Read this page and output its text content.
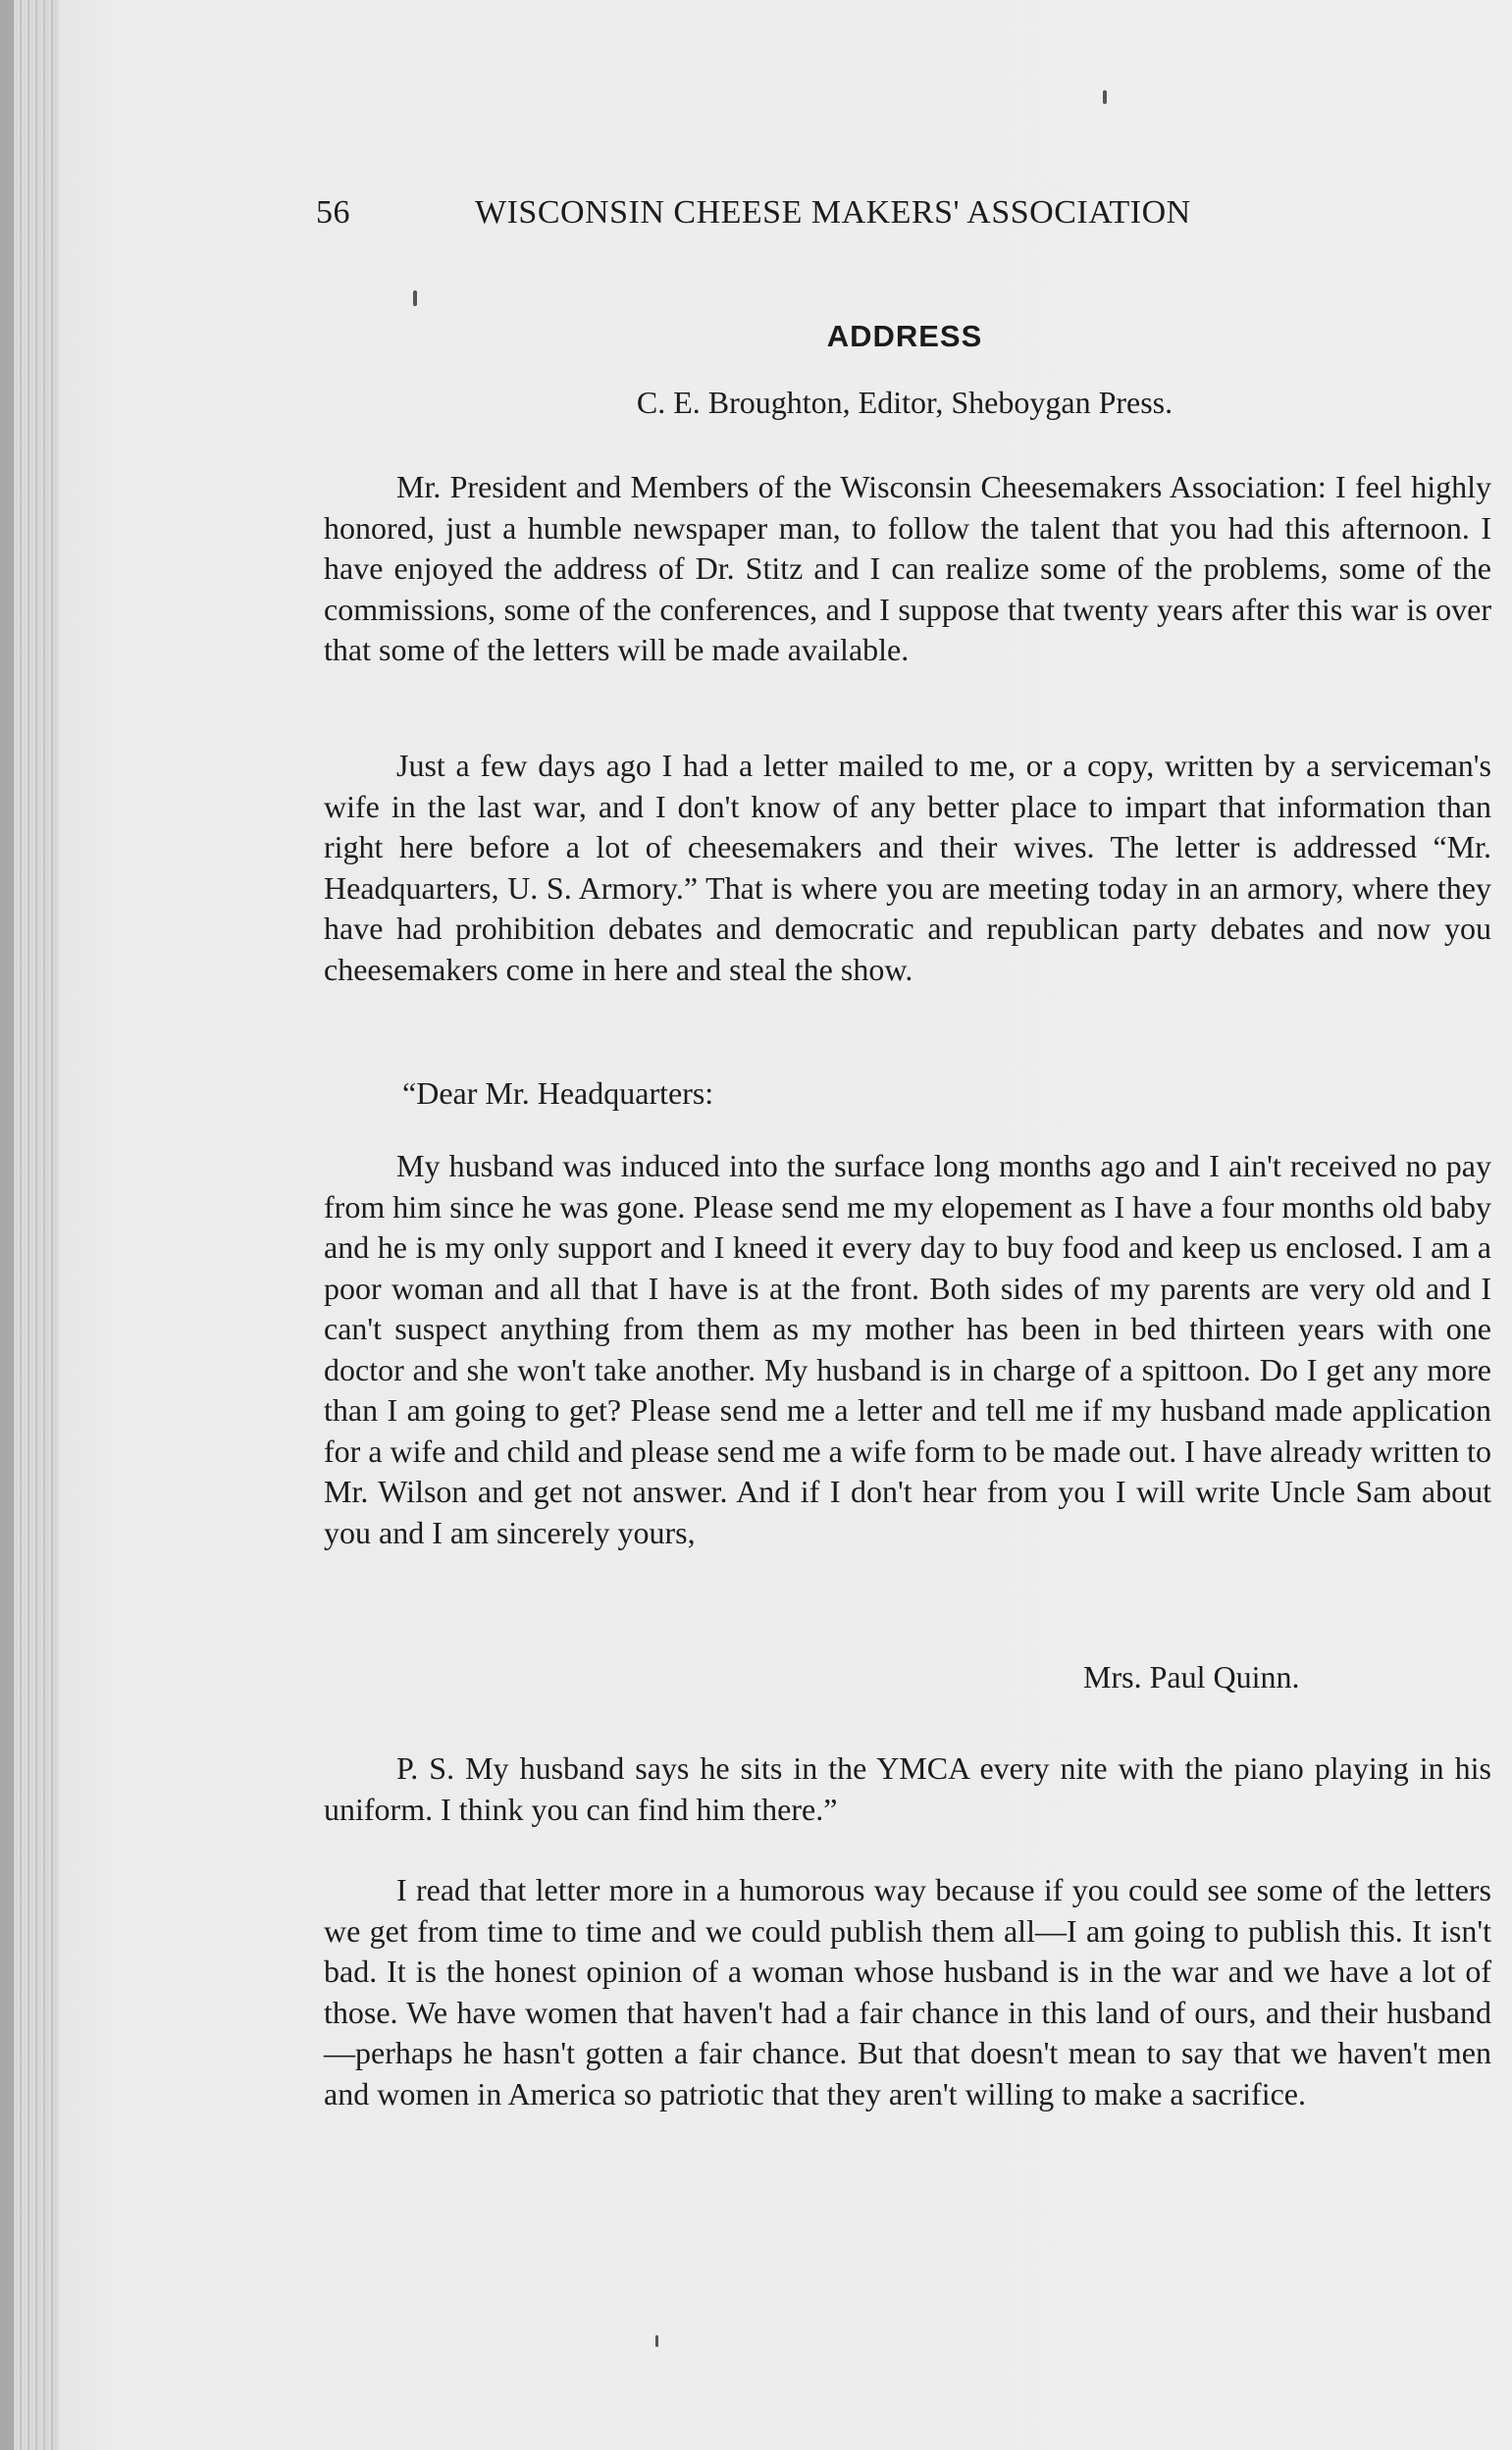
56	WISCONSIN CHEESE MAKERS' ASSOCIATION
ADDRESS
C. E. Broughton, Editor, Sheboygan Press.

Mr. President and Members of the Wisconsin Cheesemakers Association: I feel highly honored, just a humble newspaper man, to follow the talent that you had this afternoon. I have enjoyed the address of Dr. Stitz and I can realize some of the problems, some of the commissions, some of the conferences, and I suppose that twenty years after this war is over that some of the letters will be made available.

Just a few days ago I had a letter mailed to me, or a copy, written by a serviceman's wife in the last war, and I don't know of any better place to impart that information than right here before a lot of cheesemakers and their wives. The letter is addressed “Mr. Headquarters, U. S. Armory.” That is where you are meeting today in an armory, where they have had prohibition debates and democratic and republican party debates and now you cheesemakers come in here and steal the show.

“Dear Mr. Headquarters:

My husband was induced into the surface long months ago and I ain't received no pay from him since he was gone. Please send me my elopement as I have a four months old baby and he is my only support and I kneed it every day to buy food and keep us enclosed. I am a poor woman and all that I have is at the front. Both sides of my parents are very old and I can't suspect anything from them as my mother has been in bed thirteen years with one doctor and she won't take another. My husband is in charge of a spittoon. Do I get any more than I am going to get? Please send me a letter and tell me if my husband made application for a wife and child and please send me a wife form to be made out. I have already written to Mr. Wilson and get not answer. And if I don't hear from you I will write Uncle Sam about you and I am sincerely yours,

Mrs. Paul Quinn.

P. S. My husband says he sits in the YMCA every nite with the piano playing in his uniform. I think you can find him there.”

I read that letter more in a humorous way because if you could see some of the letters we get from time to time and we could publish them all—I am going to publish this. It isn't bad. It is the honest opinion of a woman whose husband is in the war and we have a lot of those. We have women that haven't had a fair chance in this land of ours, and their husband —perhaps he hasn't gotten a fair chance. But that doesn't mean to say that we haven't men and women in America so patriotic that they aren't willing to make a sacrifice.
